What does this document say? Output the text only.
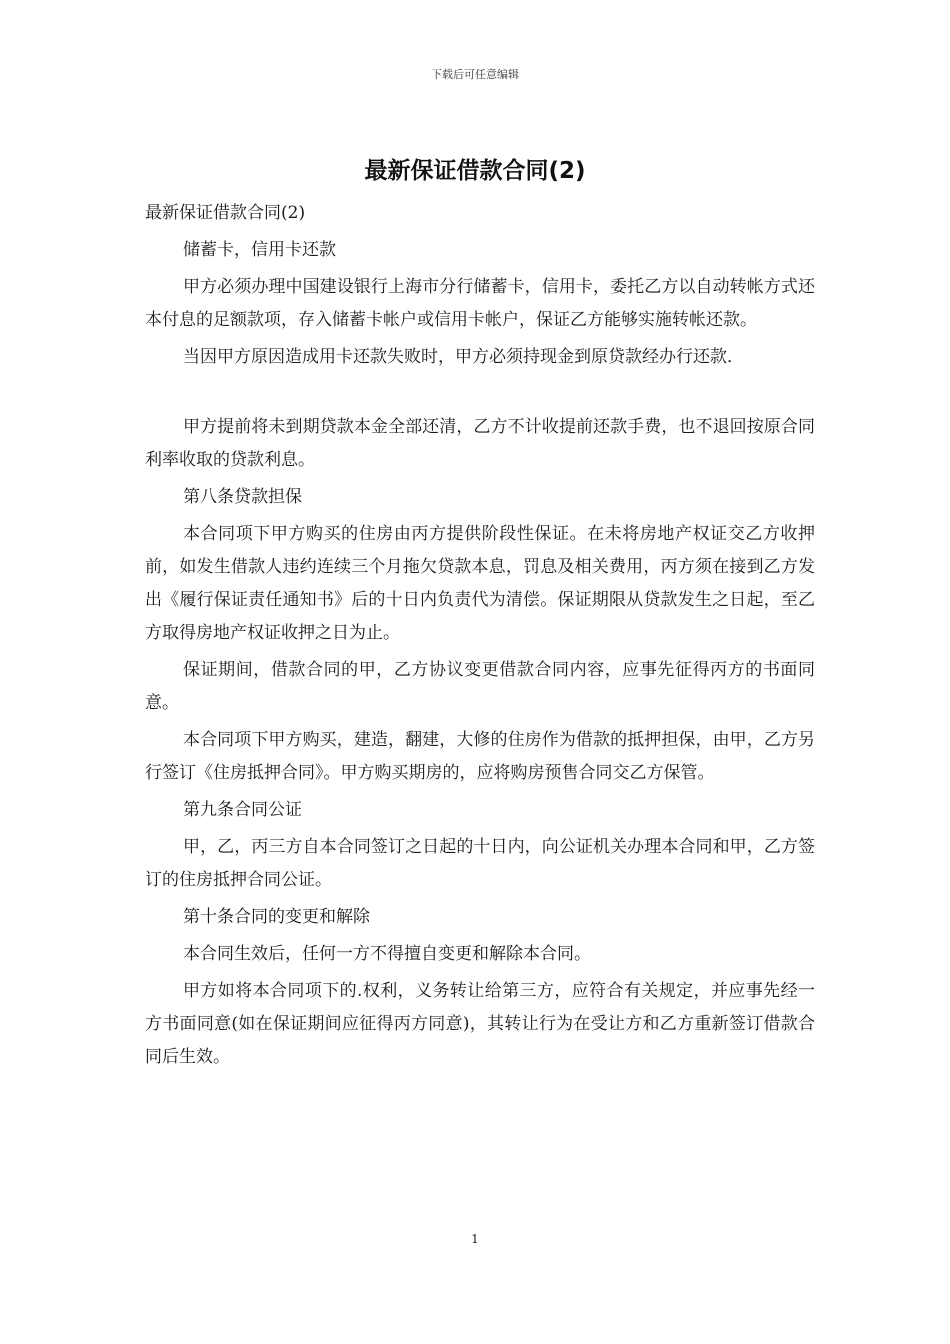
下载后可任意编辑
最新保证借款合同(2)

最新保证借款合同(2)

储蓄卡，信用卡还款

甲方必须办理中国建设银行上海市分行储蓄卡，信用卡，委托乙方以自动转帐方式还本付息的足额款项，存入储蓄卡帐户或信用卡帐户，保证乙方能够实施转帐还款。

当因甲方原因造成用卡还款失败时，甲方必须持现金到原贷款经办行还款．

甲方提前将未到期贷款本金全部还清，乙方不计收提前还款手费，也不退回按原合同利率收取的贷款利息。

第八条贷款担保

本合同项下甲方购买的住房由丙方提供阶段性保证。在未将房地产权证交乙方收押前，如发生借款人违约连续三个月拖欠贷款本息，罚息及相关费用，丙方须在接到乙方发出《履行保证责任通知书》后的十日内负责代为清偿。保证期限从贷款发生之日起，至乙方取得房地产权证收押之日为止。

保证期间，借款合同的甲，乙方协议变更借款合同内容，应事先征得丙方的书面同意。

本合同项下甲方购买，建造，翻建，大修的住房作为借款的抵押担保，由甲，乙方另行签订《住房抵押合同》。甲方购买期房的，应将购房预售合同交乙方保管。

第九条合同公证

甲，乙，丙三方自本合同签订之日起的十日内，向公证机关办理本合同和甲，乙方签订的住房抵押合同公证。

第十条合同的变更和解除

本合同生效后，任何一方不得擅自变更和解除本合同。

甲方如将本合同项下的.权利，义务转让给第三方，应符合有关规定，并应事先经一方书面同意(如在保证期间应征得丙方同意)，其转让行为在受让方和乙方重新签订借款合同后生效。

1
